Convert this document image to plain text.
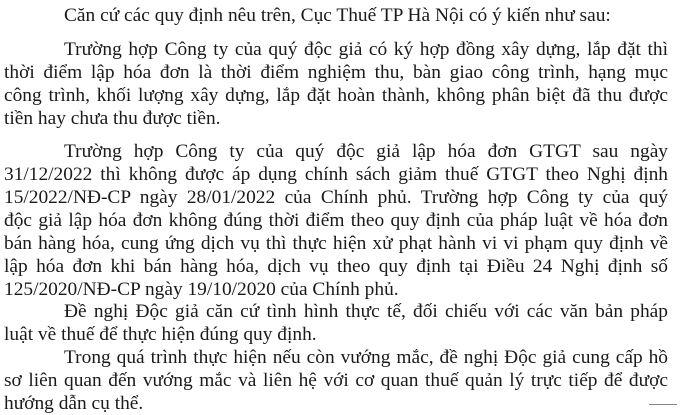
Căn cứ các quy định nêu trên, Cục Thuế TP Hà Nội có ý kiến như sau:
Trường hợp Công ty của quý độc giả có ký hợp đồng xây dựng, lắp đặt thì
thời điểm lập hóa đơn là thời điểm nghiệm thu, bàn giao công trình, hạng mục
công trình, khối lượng xây dựng, lắp đặt hoàn thành, không phân biệt đã thu được
tiền hay chưa thu được tiền.
Trường hợp Công ty của quý độc giả lập hóa đơn GTGT sau ngày
31/12/2022 thì không được áp dụng chính sách giảm thuế GTGT theo Nghị định
15/2022/NĐ-CP ngày 28/01/2022 của Chính phủ. Trường hợp Công ty của quý
độc giả lập hóa đơn không đúng thời điểm theo quy định của pháp luật về hóa đơn
bán hàng hóa, cung ứng dịch vụ thì thực hiện xử phạt hành vi vi phạm quy định về
lập hóa đơn khi bán hàng hóa, dịch vụ theo quy định tại Điều 24 Nghị định số
125/2020/NĐ-CP ngày 19/10/2020 của Chính phủ.
Đề nghị Độc giả căn cứ tình hình thực tế, đối chiếu với các văn bản pháp
luật về thuế để thực hiện đúng quy định.
Trong quá trình thực hiện nếu còn vướng mắc, đề nghị Độc giả cung cấp hồ
sơ liên quan đến vướng mắc và liên hệ với cơ quan thuế quản lý trực tiếp để được
hướng dẫn cụ thể.
